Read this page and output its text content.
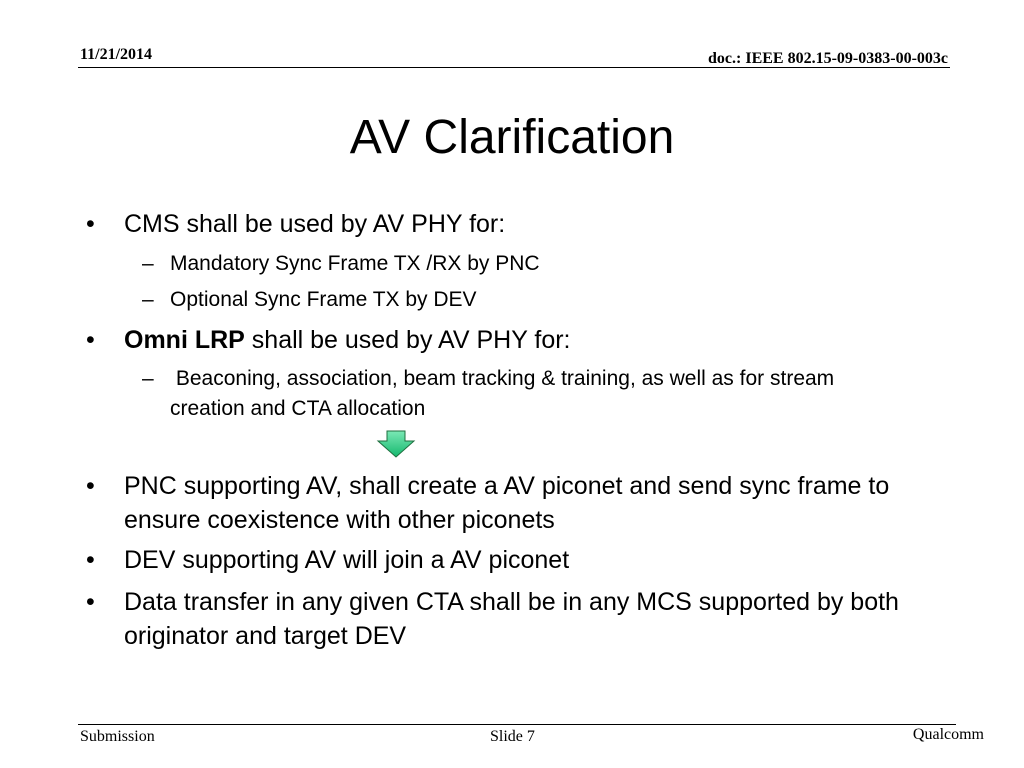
11/21/2014	doc.: IEEE 802.15-09-0383-00-003c
AV Clarification
• CMS shall be used by AV PHY for:
– Mandatory Sync Frame TX /RX by PNC
– Optional Sync Frame TX by DEV
• Omni LRP shall be used by AV PHY for:
– Beaconing, association, beam tracking & training, as well as for stream creation and CTA allocation
• PNC supporting AV, shall create a AV piconet and send sync frame to ensure coexistence with other piconets
• DEV supporting AV will join a AV piconet
• Data transfer in any given CTA shall be in any MCS supported by both originator and target DEV
Submission	Slide 7	Qualcomm
